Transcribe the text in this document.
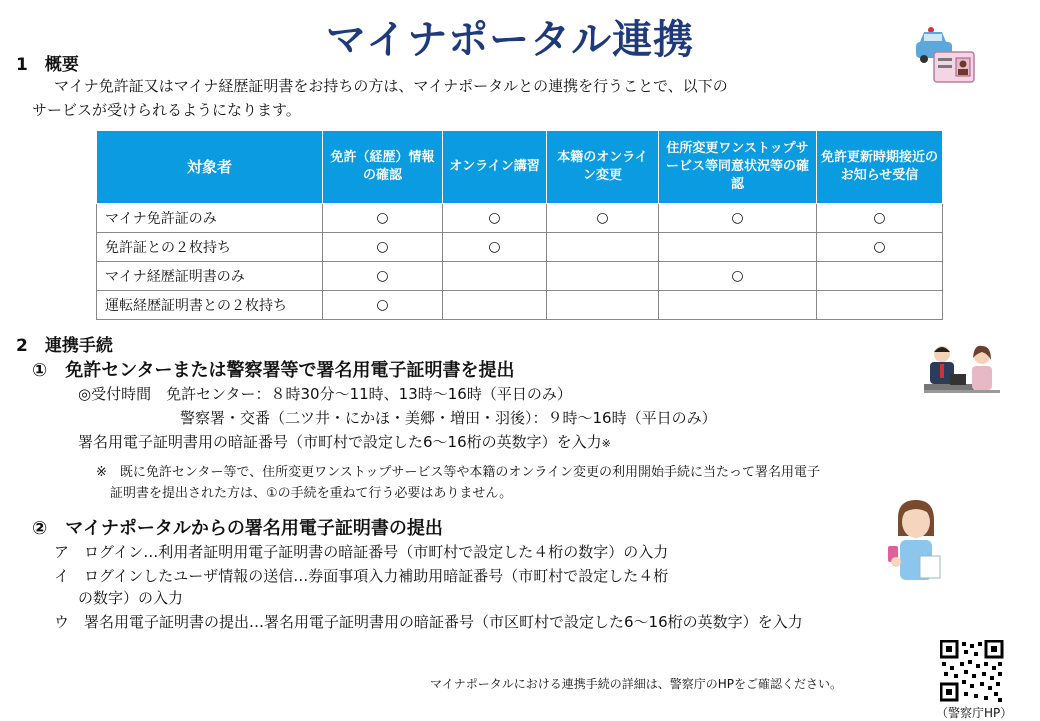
マイナポータル連携
1　概要
マイナ免許証又はマイナ経歴証明書をお持ちの方は、マイナポータルとの連携を行うことで、以下の
サービスが受けられるようになります。
対象者	免許（経歴）情報の確認	オンライン講習	本籍のオンライン変更	住所変更ワンストップサービス等同意状況等の確認	免許更新時期接近のお知らせ受信
マイナ免許証のみ	○	○	○	○	○
免許証との２枚持ち	○	○			○
マイナ経歴証明書のみ	○			○	
運転経歴証明書との２枚持ち	○				
2　連携手続
①　免許センターまたは警察署等で署名用電子証明書を提出
◎受付時間　免許センター：８時30分～11時、13時～16時（平日のみ）
警察署・交番（二ツ井・にかほ・美郷・増田・羽後）：９時～16時（平日のみ）
署名用電子証明書用の暗証番号（市町村で設定した6～16桁の英数字）を入力※
※　既に免許センター等で、住所変更ワンストップサービス等や本籍のオンライン変更の利用開始手続に当たって署名用電子
証明書を提出された方は、①の手続を重ねて行う必要はありません。
②　マイナポータルからの署名用電子証明書の提出
ア　ログイン…利用者証明用電子証明書の暗証番号（市町村で設定した４桁の数字）の入力
イ　ログインしたユーザ情報の送信…券面事項入力補助用暗証番号（市町村で設定した４桁
の数字）の入力
ウ　署名用電子証明書の提出…署名用電子証明書用の暗証番号（市区町村で設定した6～16桁の英数字）を入力
マイナポータルにおける連携手続の詳細は、警察庁のHPをご確認ください。
（警察庁HP）
